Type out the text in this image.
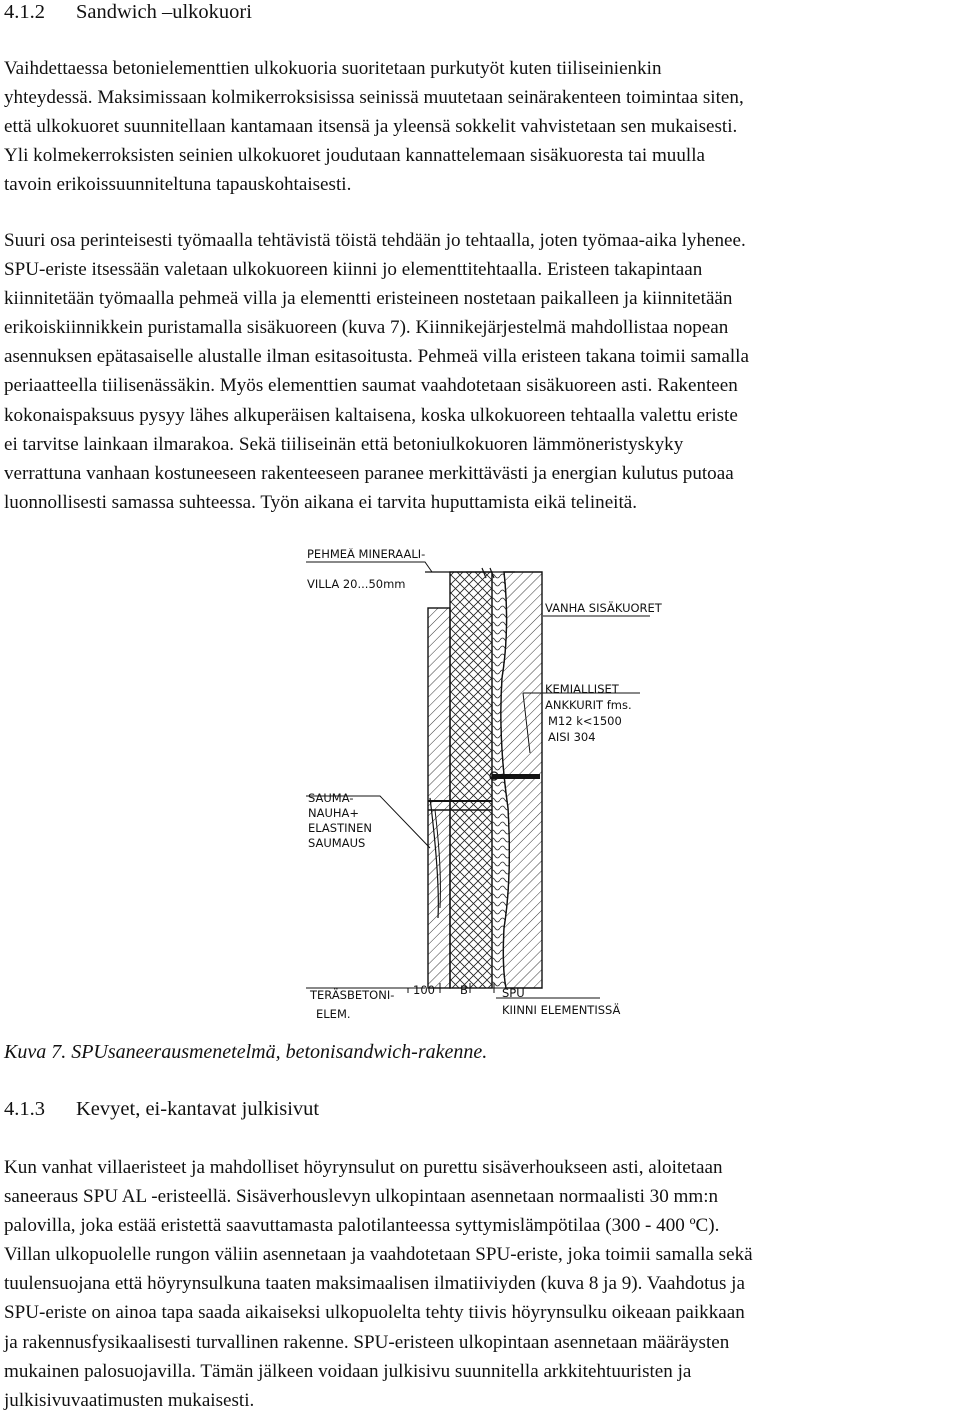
4.1.2 Sandwich –ulkokuori
Vaihdettaessa betonielementtien ulkokuoria suoritetaan purkutyöt kuten tiiliseinienkin
yhteydessä. Maksimissaan kolmikerroksisissa seinissä muutetaan seinärakenteen toimintaa siten,
että ulkokuoret suunnitellaan kantamaan itsensä ja yleensä sokkelit vahvistetaan sen mukaisesti.
Yli kolmekerroksisten seinien ulkokuoret joudutaan kannattelemaan sisäkuoresta tai muulla
tavoin erikoissuunniteltuna tapauskohtaisesti.
Suuri osa perinteisesti työmaalla tehtävistä töistä tehdään jo tehtaalla, joten työmaa-aika lyhenee.
SPU-eriste itsessään valetaan ulkokuoreen kiinni jo elementtitehtaalla. Eristeen takapintaan
kiinnitetään työmaalla pehmeä villa ja elementti eristeineen nostetaan paikalleen ja kiinnitetään
erikoiskiinnikkein puristamalla sisäkuoreen (kuva 7). Kiinnikejärjestelmä mahdollistaa nopean
asennuksen epätasaiselle alustalle ilman esitasoitusta. Pehmeä villa eristeen takana toimii samalla
periaatteella tiilisenässäkin. Myös elementtien saumat vaahdotetaan sisäkuoreen asti. Rakenteen
kokonaispaksuus pysyy lähes alkuperäisen kaltaisena, koska ulkokuoreen tehtaalla valettu eriste
ei tarvitse lainkaan ilmarakoa. Sekä tiiliseinän että betoniulkokuoren lämmöneristyskyky
verrattuna vanhaan kostuneeseen rakenteeseen paranee merkittävästi ja energian kulutus putoaa
luonnollisesti samassa suhteessa. Työn aikana ei tarvita huputtamista eikä telineitä.
PEHMEÄ MINERAALI-
VILLA 20...50mm
VANHA SISÄKUORET
KEMIALLISET
ANKKURIT fms.
M12 k<1500
AISI 304
SAUMA-
NAUHA+
ELASTINEN
SAUMAUS
TERÄSBETONI-
ELEM.
100 B	SPU
KIINNI ELEMENTISSÄ

Kuva 7. SPUsaneerausmenetelmä, betonisandwich-rakenne.

4.1.3 Kevyet, ei-kantavat julkisivut
Kun vanhat villaeristeet ja mahdolliset höyrynsulut on purettu sisäverhoukseen asti, aloitetaan
saneeraus SPU AL -eristeellä. Sisäverhouslevyn ulkopintaan asennetaan normaalisti 30 mm:n
palovilla, joka estää eristettä saavuttamasta palotilanteessa syttymislämpötilaa (300 - 400 ºC).
Villan ulkopuolelle rungon väliin asennetaan ja vaahdotetaan SPU-eriste, joka toimii samalla sekä
tuulensuojana että höyrynsulkuna taaten maksimaalisen ilmatiiviyden (kuva 8 ja 9). Vaahdotus ja
SPU-eriste on ainoa tapa saada aikaiseksi ulkopuolelta tehty tiivis höyrynsulku oikeaan paikkaan
ja rakennusfysikaalisesti turvallinen rakenne. SPU-eristeen ulkopintaan asennetaan määräysten
mukainen palosuojavilla. Tämän jälkeen voidaan julkisivu suunnitella arkkitehtuuristen ja
julkisivuvaatimusten mukaisesti.
